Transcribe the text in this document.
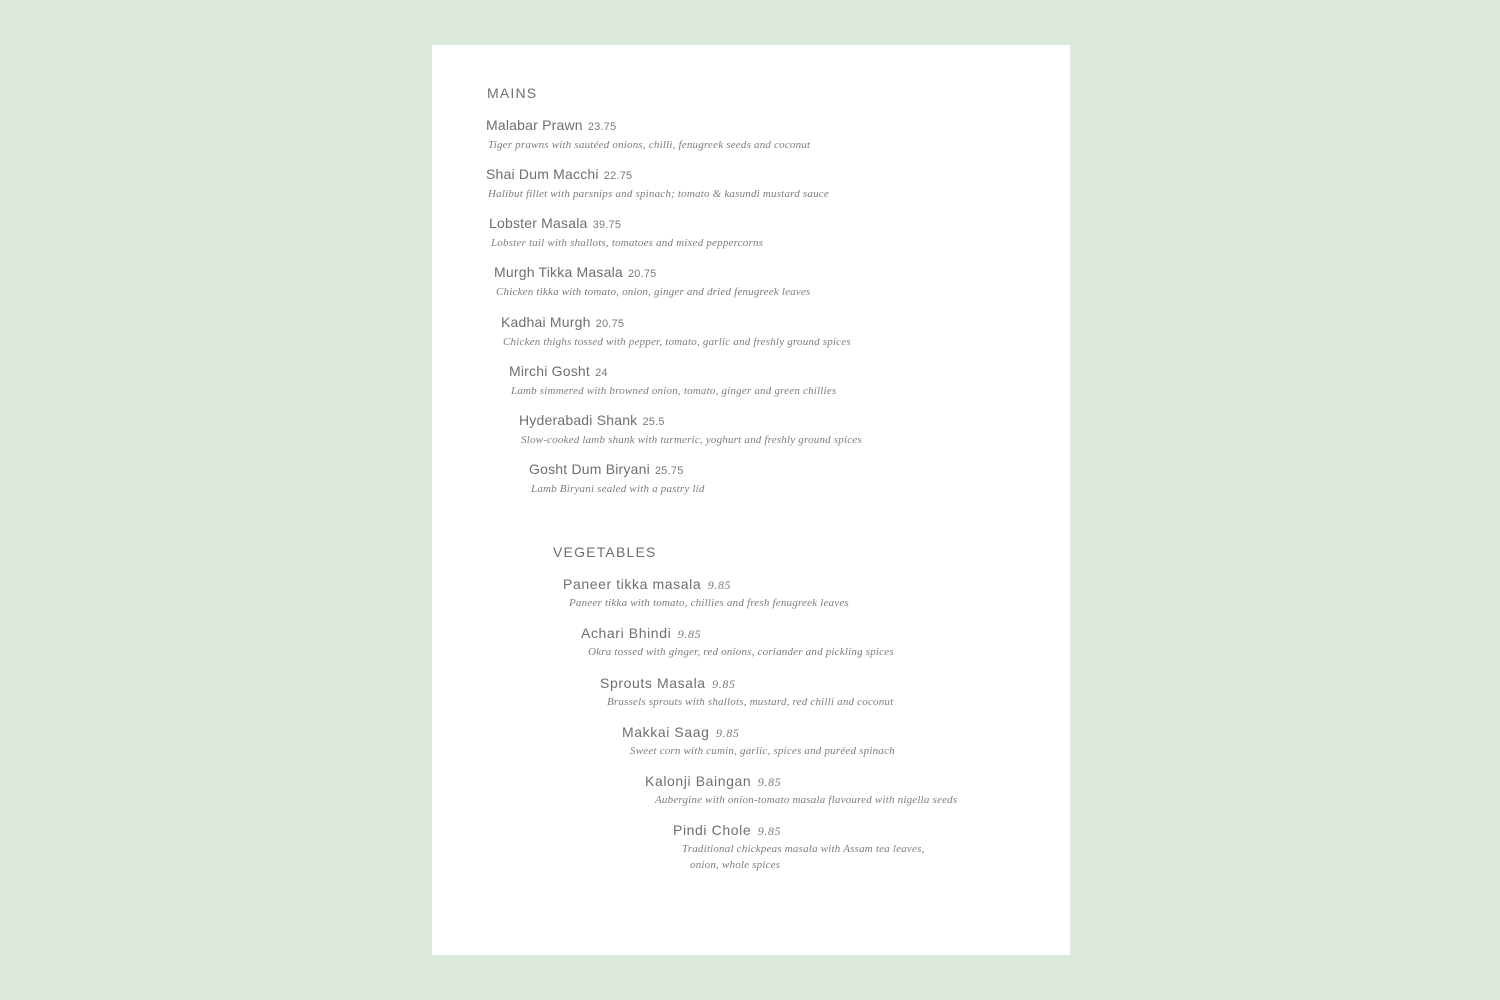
MAINS
Malabar Prawn 23.75
Tiger prawns with sautéed onions, chilli, fenugreek seeds and coconut
Shai Dum Macchi 22.75
Halibut fillet with parsnips and spinach; tomato & kasundi mustard sauce
Lobster Masala 39.75
Lobster tail with shallots, tomatoes and mixed peppercorns
Murgh Tikka Masala 20.75
Chicken tikka with tomato, onion, ginger and dried fenugreek leaves
Kadhai Murgh 20.75
Chicken thighs tossed with pepper, tomato, garlic and freshly ground spices
Mirchi Gosht 24
Lamb simmered with browned onion, tomato, ginger and green chillies
Hyderabadi Shank 25.5
Slow-cooked lamb shank with turmeric, yoghurt and freshly ground spices
Gosht Dum Biryani 25.75
Lamb Biryani sealed with a pastry lid
VEGETABLES
Paneer tikka masala 9.85
Paneer tikka with tomato, chillies and fresh fenugreek leaves
Achari Bhindi 9.85
Okra tossed with ginger, red onions, coriander and pickling spices
Sprouts Masala 9.85
Brussels sprouts with shallots, mustard, red chilli and coconut
Makkai Saag 9.85
Sweet corn with cumin, garlic, spices and puréed spinach
Kalonji Baingan 9.85
Aubergine with onion-tomato masala flavoured with nigella seeds
Pindi Chole 9.85
Traditional chickpeas masala with Assam tea leaves,
onion, whole spices
